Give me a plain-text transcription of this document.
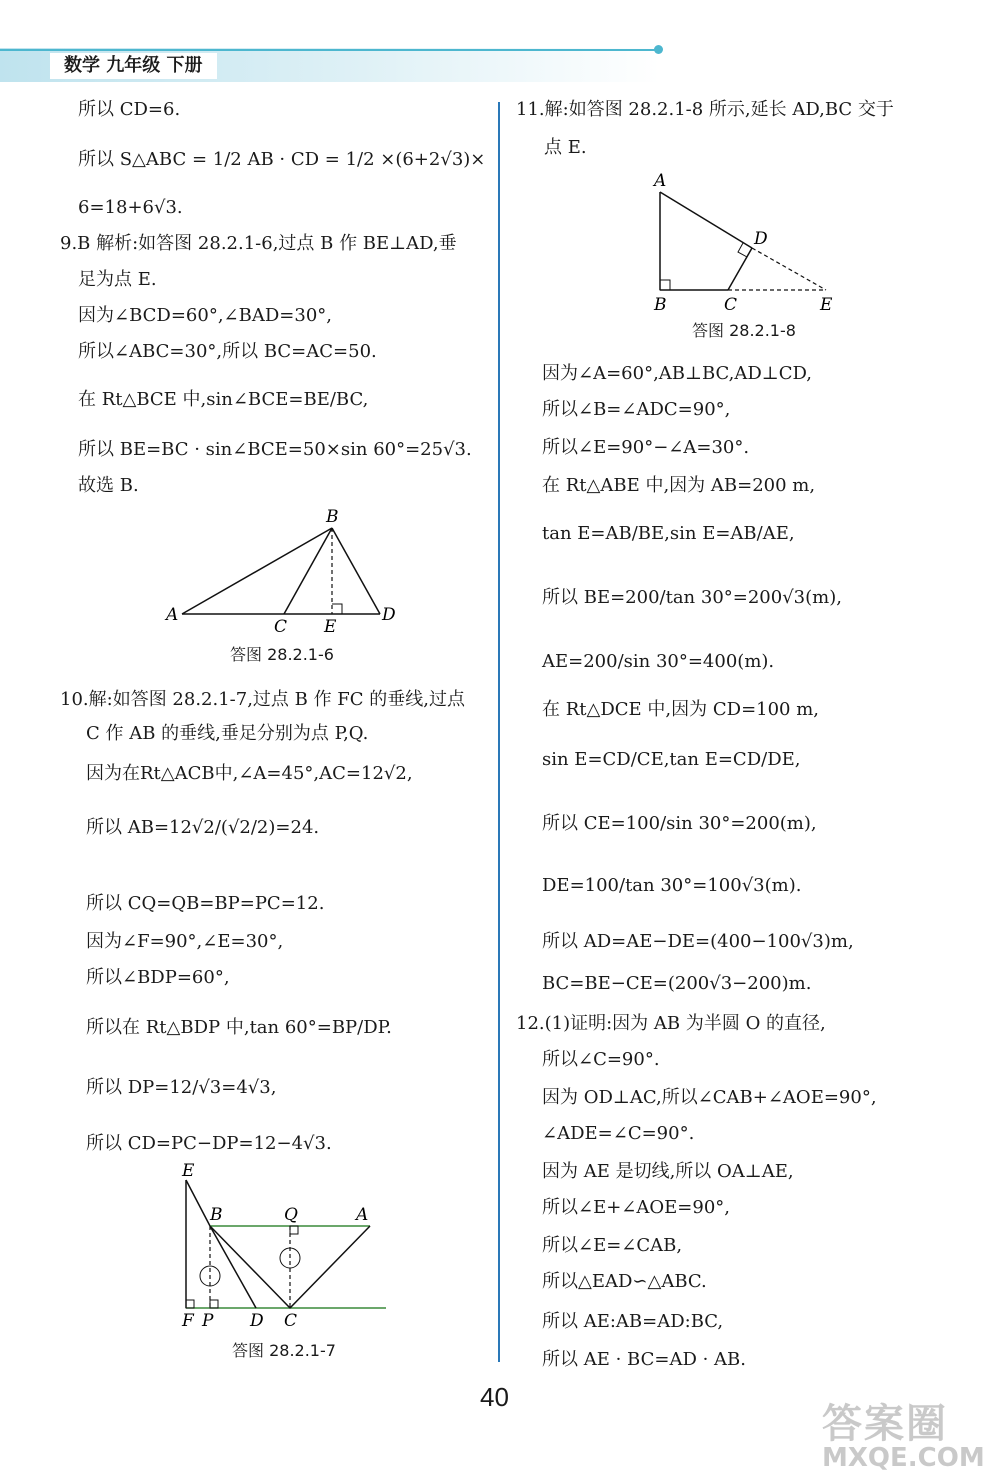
数学 九年级 下册
所以 CD=6.
所以 S△ABC = 1/2 AB · CD = 1/2 ×(6+2√3)×
6=18+6√3.
9.B 解析:如答图 28.2.1-6,过点 B 作 BE⊥AD,垂
足为点 E.
因为∠BCD=60°,∠BAD=30°,
所以∠ABC=30°,所以 BC=AC=50.
在 Rt△BCE 中,sin∠BCE=BE/BC,
所以 BE=BC · sin∠BCE=50×sin 60°=25√3.
故选 B.
B
A
C E
D
答图 28.2.1-6
10.解:如答图 28.2.1-7,过点 B 作 FC 的垂线,过点
C 作 AB 的垂线,垂足分别为点 P,Q.
因为在Rt△ACB中,∠A=45°,AC=12√2,
所以 AB=12√2/(√2/2)=24.
所以 CQ=QB=BP=PC=12.
因为∠F=90°,∠E=30°,
所以∠BDP=60°,
所以在 Rt△BDP 中,tan 60°=BP/DP.
所以 DP=12/√3=4√3,
所以 CD=PC−DP=12−4√3.
E
B	Q	A
F P D C
答图 28.2.1-7
11.解:如答图 28.2.1-8 所示,延长 AD,BC 交于
点 E.
A
D
B	C	E
答图 28.2.1-8
因为∠A=60°,AB⊥BC,AD⊥CD,
所以∠B=∠ADC=90°,
所以∠E=90°−∠A=30°.
在 Rt△ABE 中,因为 AB=200 m,
tan E=AB/BE,sin E=AB/AE,
所以 BE=200/tan 30°=200√3(m),
AE=200/sin 30°=400(m).
在 Rt△DCE 中,因为 CD=100 m,
sin E=CD/CE,tan E=CD/DE,
所以 CE=100/sin 30°=200(m),
DE=100/tan 30°=100√3(m).
所以 AD=AE−DE=(400−100√3)m,
BC=BE−CE=(200√3−200)m.
12.(1)证明:因为 AB 为半圆 O 的直径,
所以∠C=90°.
因为 OD⊥AC,所以∠CAB+∠AOE=90°,
∠ADE=∠C=90°.
因为 AE 是切线,所以 OA⊥AE,
所以∠E+∠AOE=90°,
所以∠E=∠CAB,
所以△EAD∽△ABC.
所以 AE:AB=AD:BC,
所以 AE · BC=AD · AB.
40
答案圈
MXQE.COM
